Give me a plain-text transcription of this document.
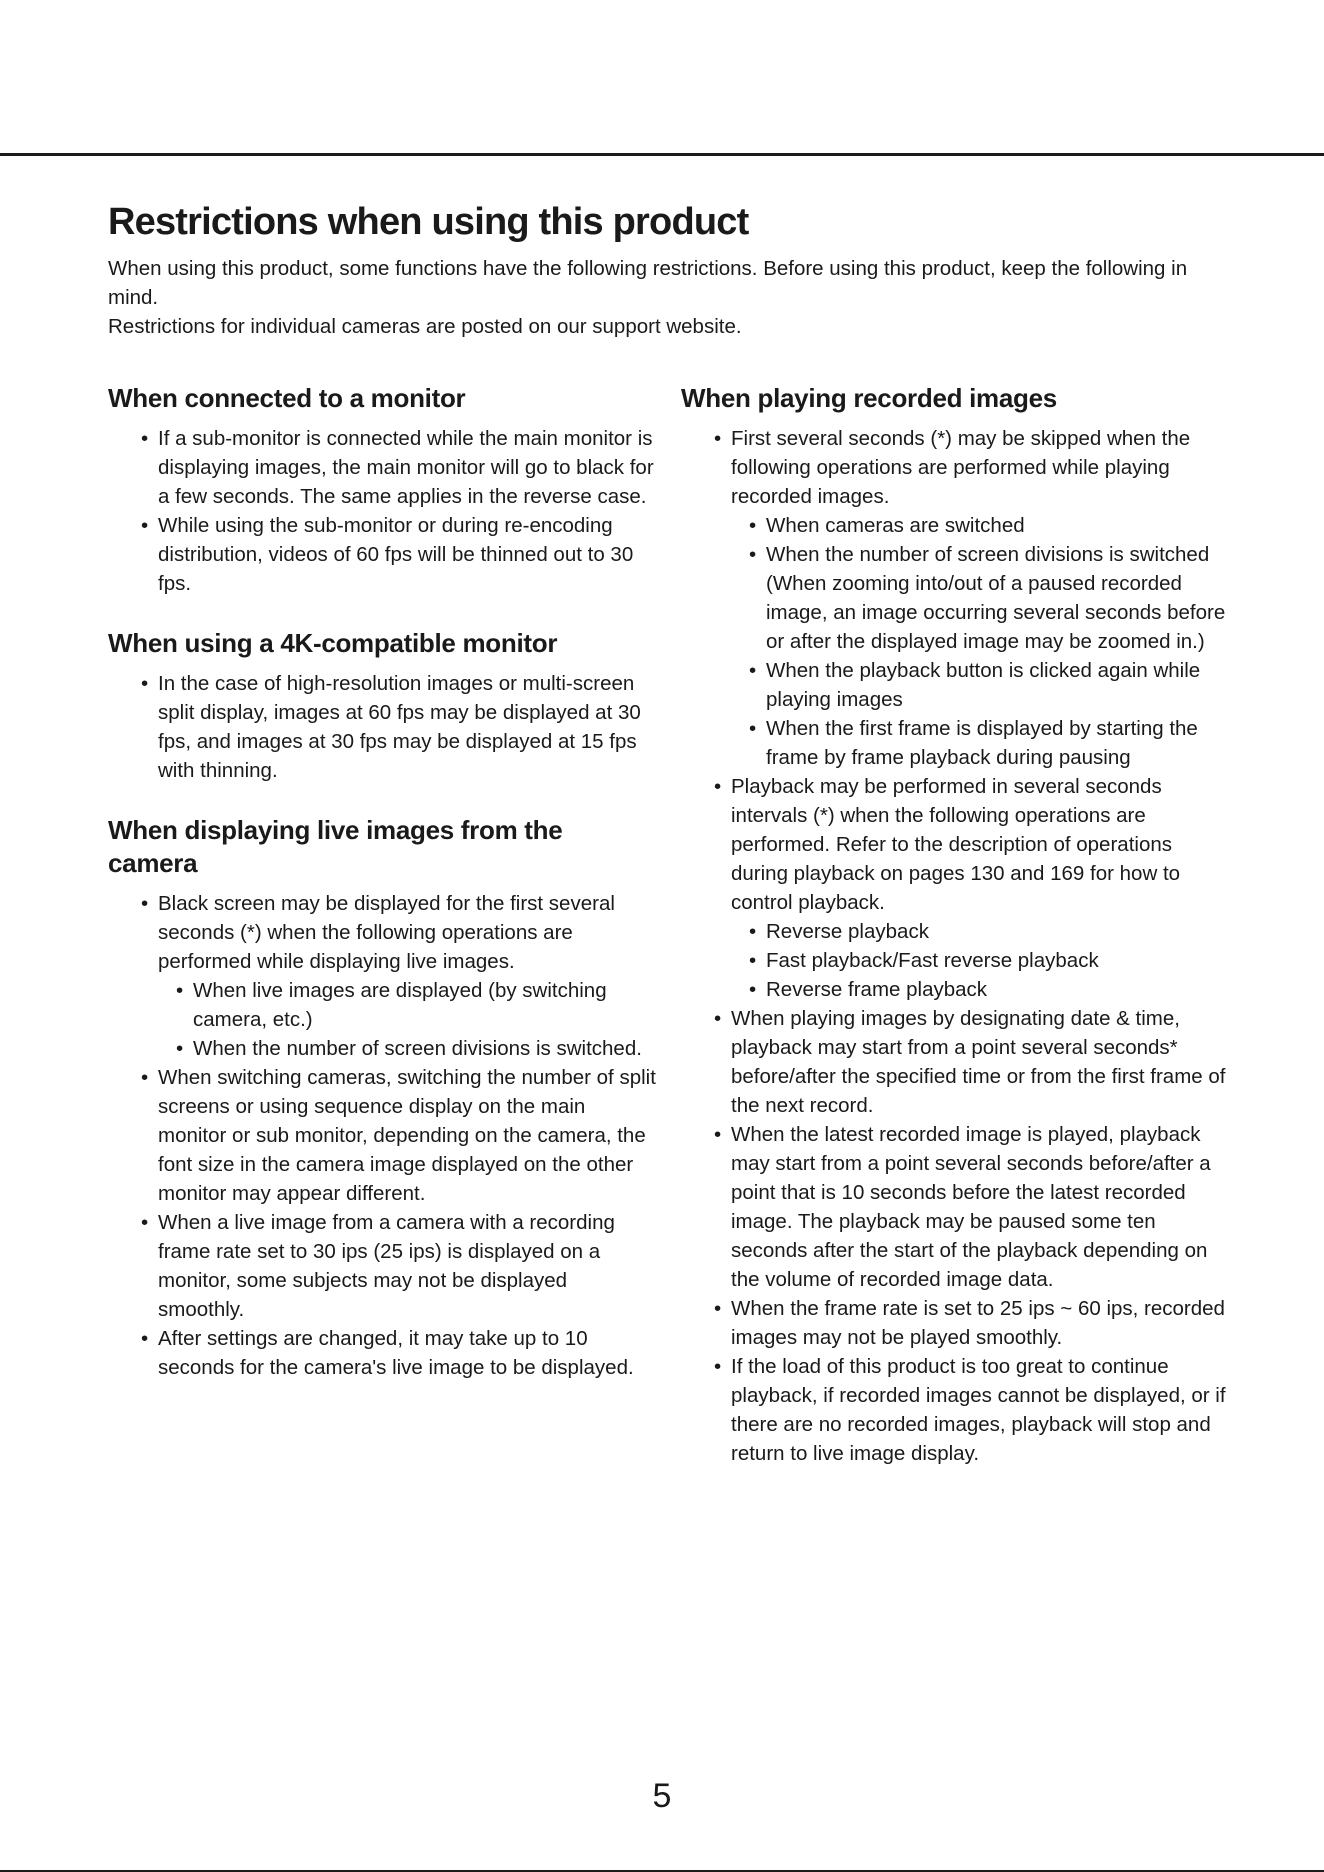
Restrictions when using this product

When using this product, some functions have the following restrictions. Before using this product, keep the following in mind.

Restrictions for individual cameras are posted on our support website.

When connected to a monitor
• If a sub-monitor is connected while the main monitor is displaying images, the main monitor will go to black for a few seconds. The same applies in the reverse case.
• While using the sub-monitor or during re-encoding distribution, videos of 60 fps will be thinned out to 30 fps.
When using a 4K-compatible monitor
• In the case of high-resolution images or multi-screen split display, images at 60 fps may be displayed at 30 fps, and images at 30 fps may be displayed at 15 fps with thinning.
When displaying live images from the camera
• Black screen may be displayed for the first several seconds (*) when the following operations are performed while displaying live images.
• When live images are displayed (by switching camera, etc.)
• When the number of screen divisions is switched.
• When switching cameras, switching the number of split screens or using sequence display on the main monitor or sub monitor, depending on the camera, the font size in the camera image displayed on the other monitor may appear different.
• When a live image from a camera with a recording frame rate set to 30 ips (25 ips) is displayed on a monitor, some subjects may not be displayed smoothly.
• After settings are changed, it may take up to 10 seconds for the camera's live image to be displayed.
When playing recorded images
• First several seconds (*) may be skipped when the following operations are performed while playing recorded images.
• When cameras are switched
• When the number of screen divisions is switched (When zooming into/out of a paused recorded image, an image occurring several seconds before or after the displayed image may be zoomed in.)
• When the playback button is clicked again while playing images
• When the first frame is displayed by starting the frame by frame playback during pausing
• Playback may be performed in several seconds intervals (*) when the following operations are performed. Refer to the description of operations during playback on pages 130 and 169 for how to control playback.
• Reverse playback
• Fast playback/Fast reverse playback
• Reverse frame playback
• When playing images by designating date & time, playback may start from a point several seconds* before/after the specified time or from the first frame of the next record.
• When the latest recorded image is played, playback may start from a point several seconds before/after a point that is 10 seconds before the latest recorded image. The playback may be paused some ten seconds after the start of the playback depending on the volume of recorded image data.
• When the frame rate is set to 25 ips ~ 60 ips, recorded images may not be played smoothly.
• If the load of this product is too great to continue playback, if recorded images cannot be displayed, or if there are no recorded images, playback will stop and return to live image display.
5
